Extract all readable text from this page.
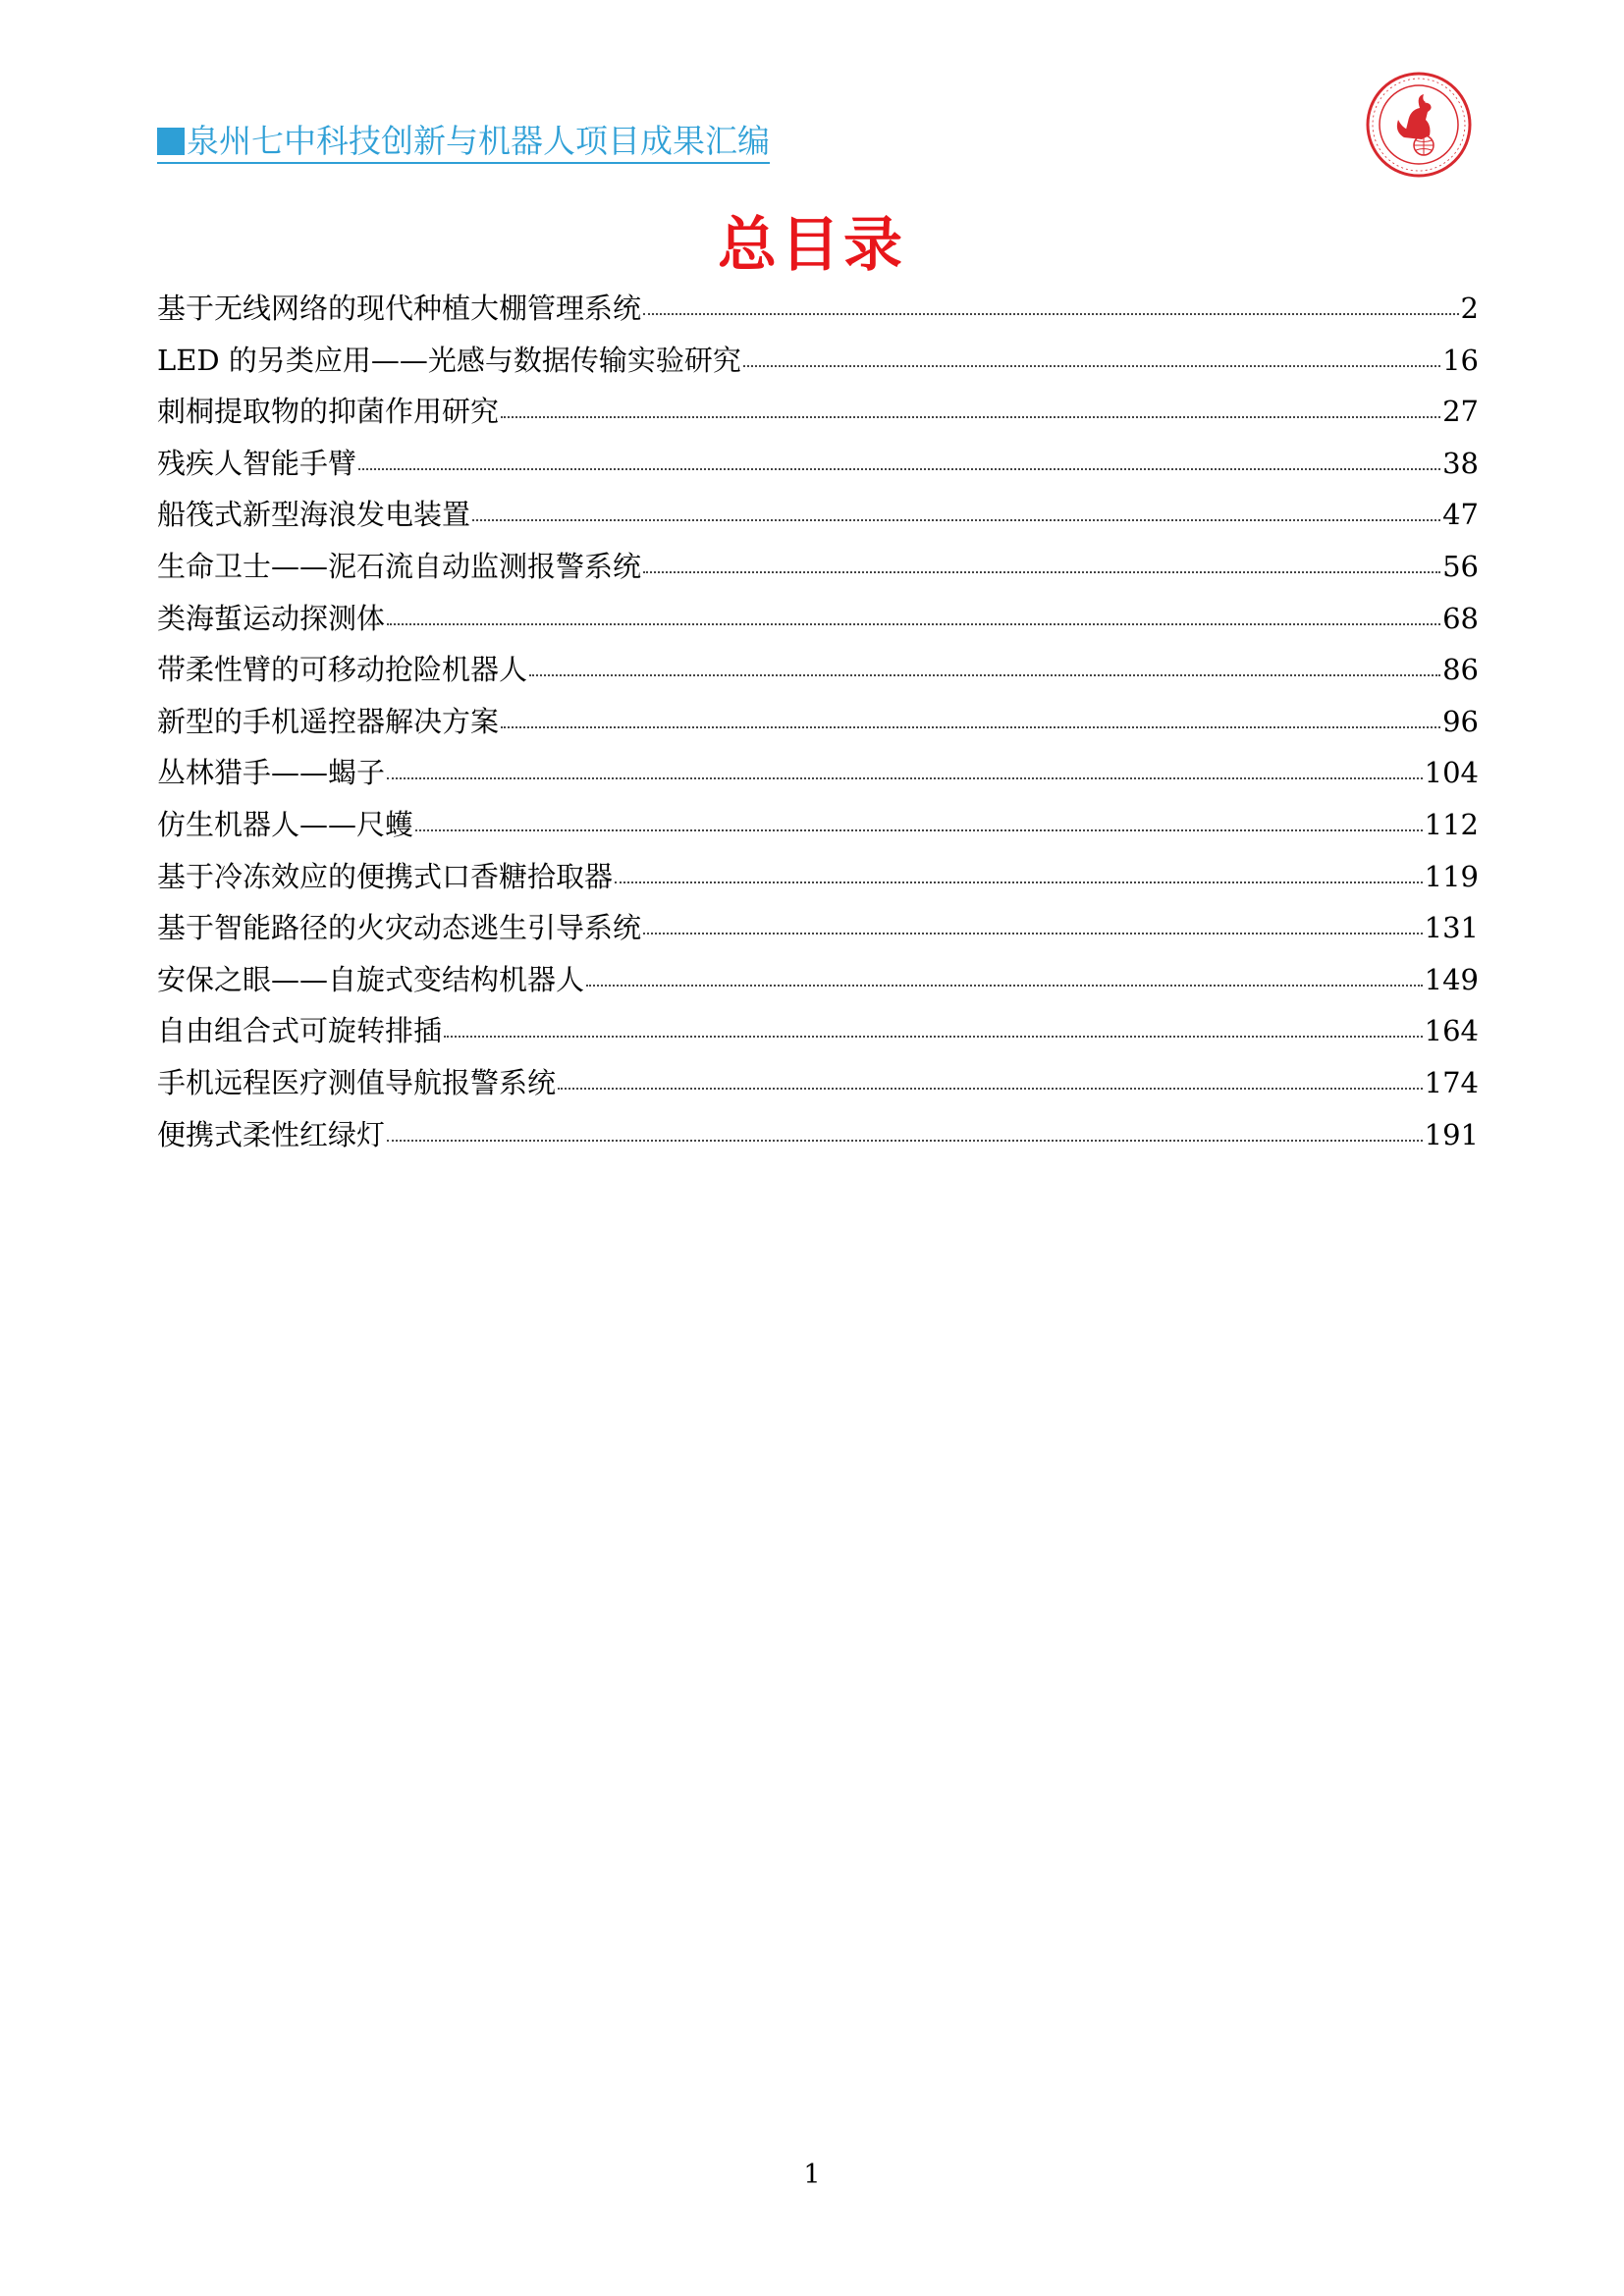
泉州七中科技创新与机器人项目成果汇编
总目录
基于无线网络的现代种植大棚管理系统	2
LED 的另类应用——光感与数据传输实验研究	16
刺桐提取物的抑菌作用研究	27
残疾人智能手臂	38
船筏式新型海浪发电装置	47
生命卫士——泥石流自动监测报警系统	56
类海蜇运动探测体	68
带柔性臂的可移动抢险机器人	86
新型的手机遥控器解决方案	96
丛林猎手——蝎子	104
仿生机器人——尺蠖	112
基于冷冻效应的便携式口香糖拾取器	119
基于智能路径的火灾动态逃生引导系统	131
安保之眼——自旋式变结构机器人	149
自由组合式可旋转排插	164
手机远程医疗测值导航报警系统	174
便携式柔性红绿灯	191
1
